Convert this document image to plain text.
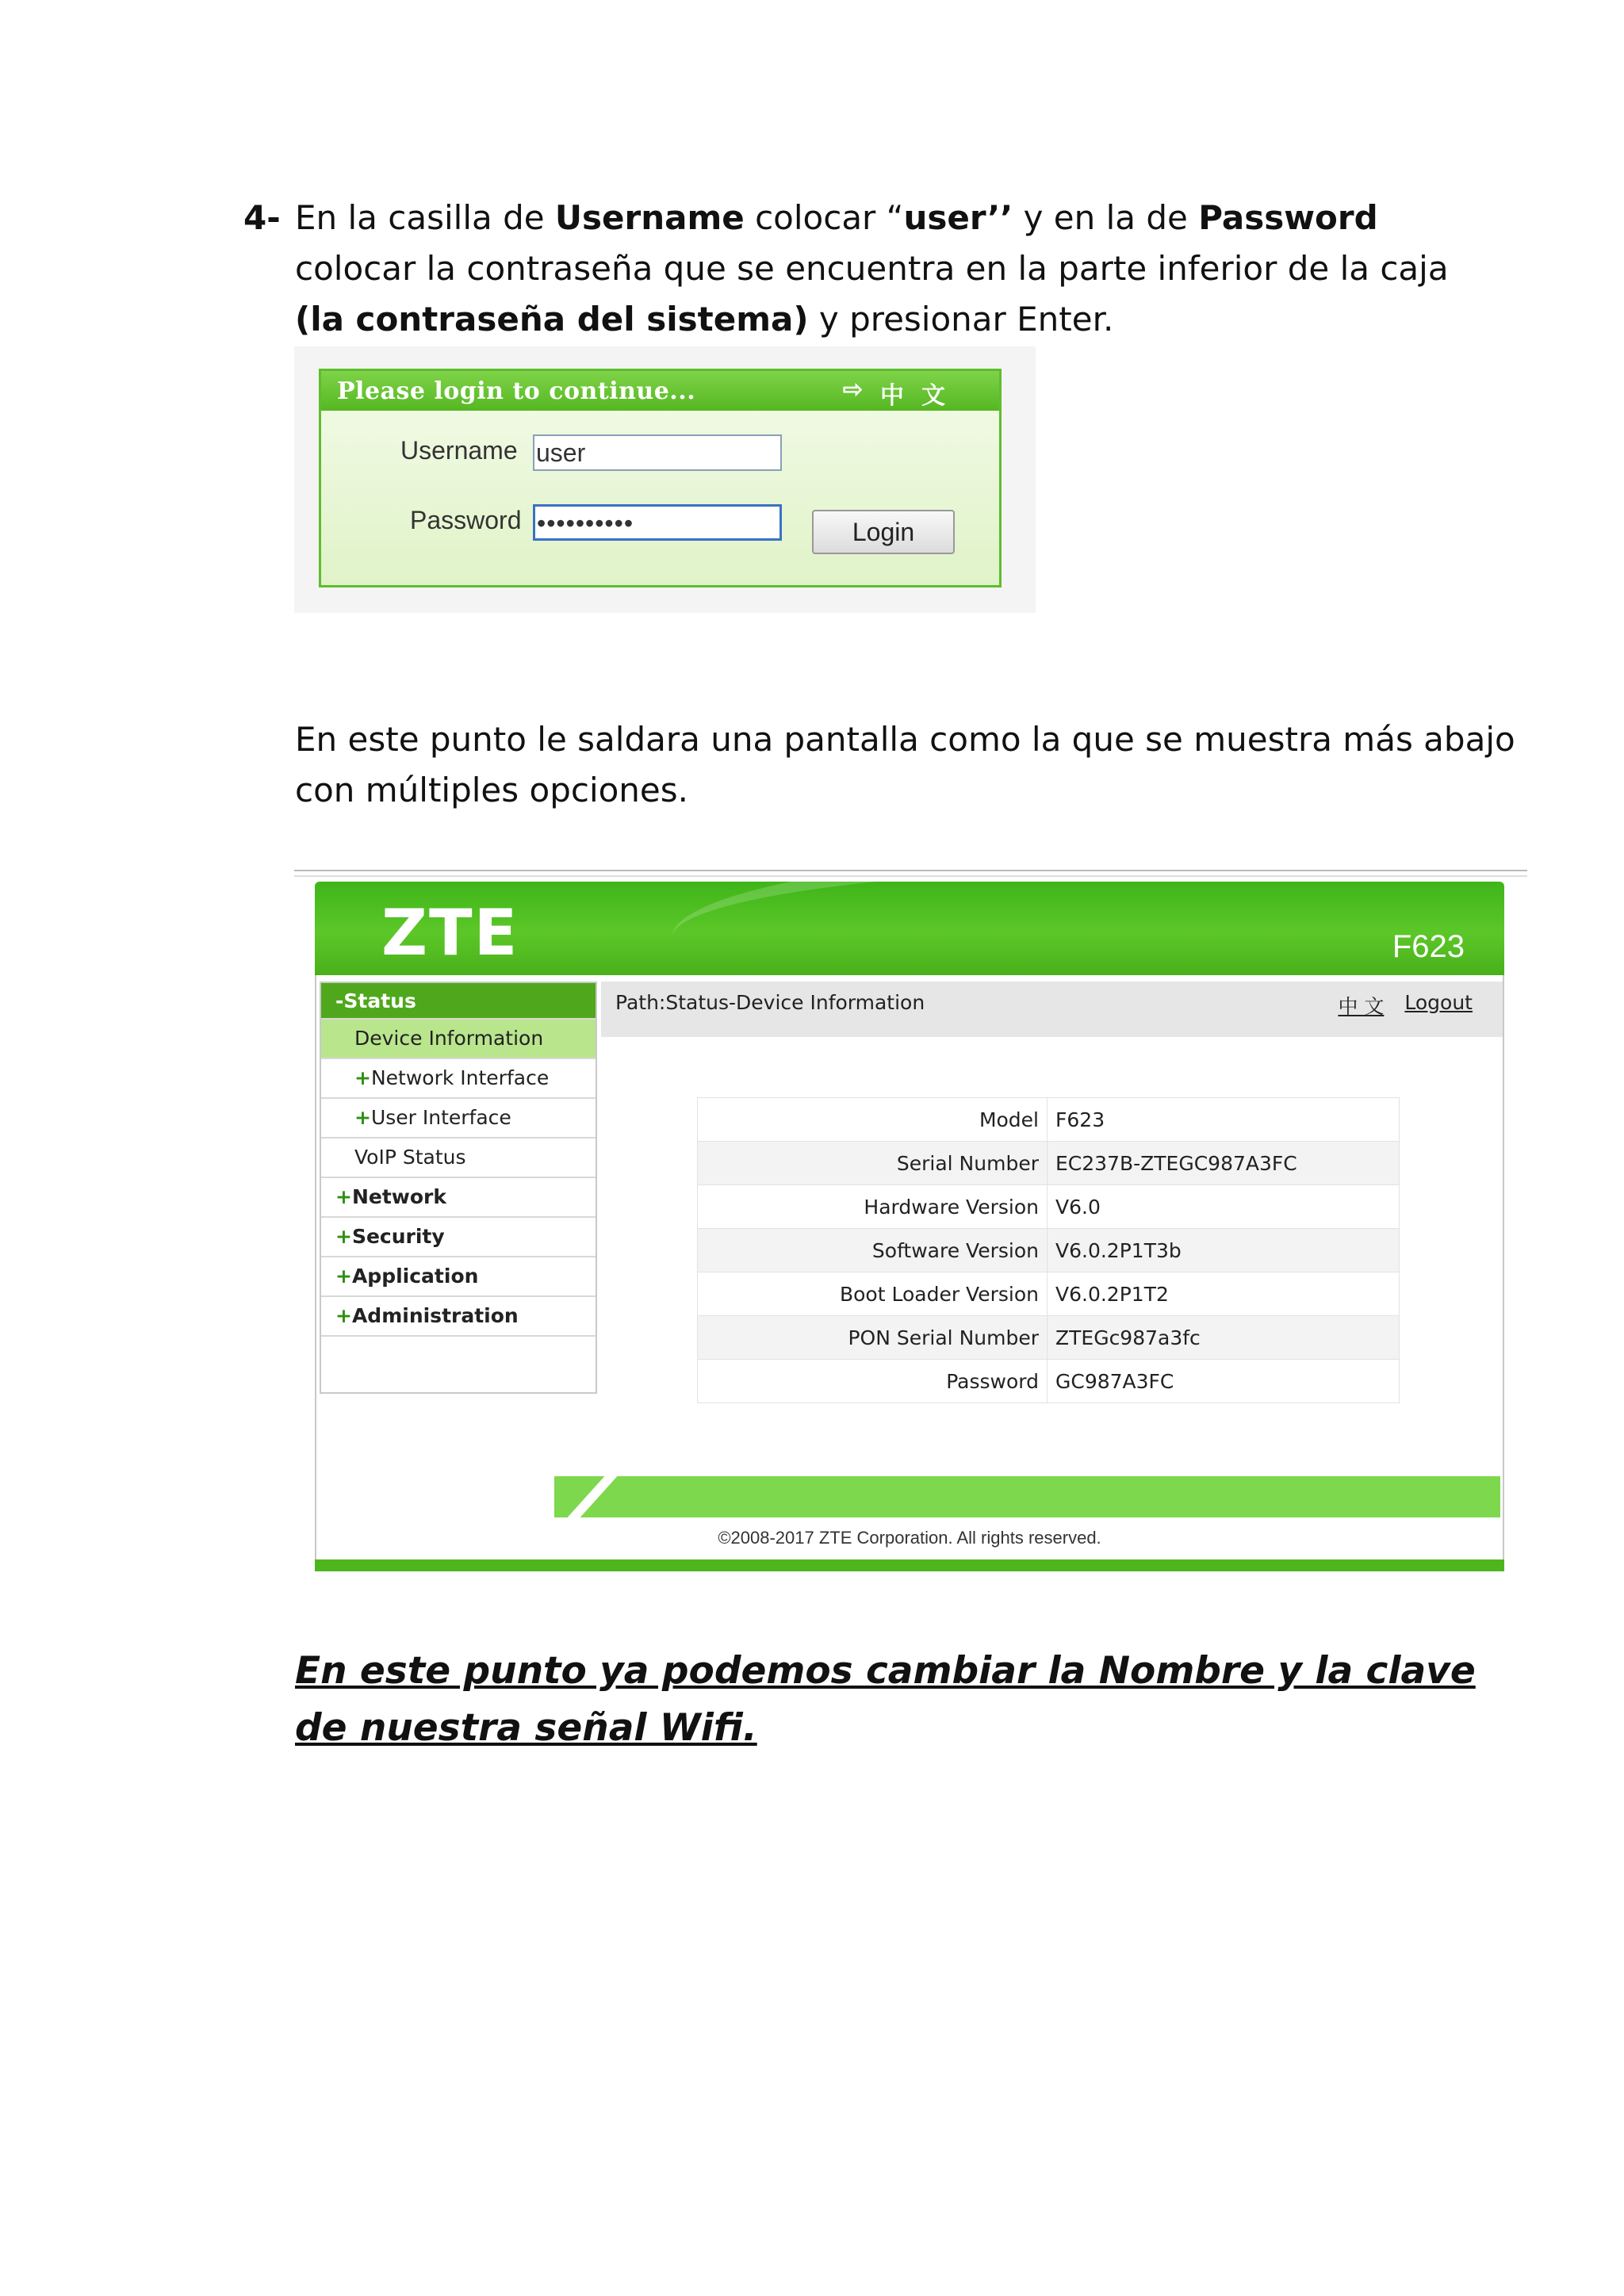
4- En la casilla de Username colocar “user’’ y en la de Password colocar la contraseña que se encuentra en la parte inferior de la caja (la contraseña del sistema) y presionar Enter.
Please login to continue...	⇨ 中 文
Username user
Password ••••••••••	Login
En este punto le saldara una pantalla como la que se muestra más abajo con múltiples opciones.
ZTE	F623
-Status
Device Information
+Network Interface
+User Interface
VoIP Status
+Network
+Security
+Application
+Administration
Path:Status-Device Information	中 文 Logout
Model	F623
Serial Number	EC237B-ZTEGC987A3FC
Hardware Version	V6.0
Software Version	V6.0.2P1T3b
Boot Loader Version	V6.0.2P1T2
PON Serial Number	ZTEGc987a3fc
Password	GC987A3FC
©2008-2017 ZTE Corporation. All rights reserved.
En este punto ya podemos cambiar la Nombre y la clave de nuestra señal Wifi.
